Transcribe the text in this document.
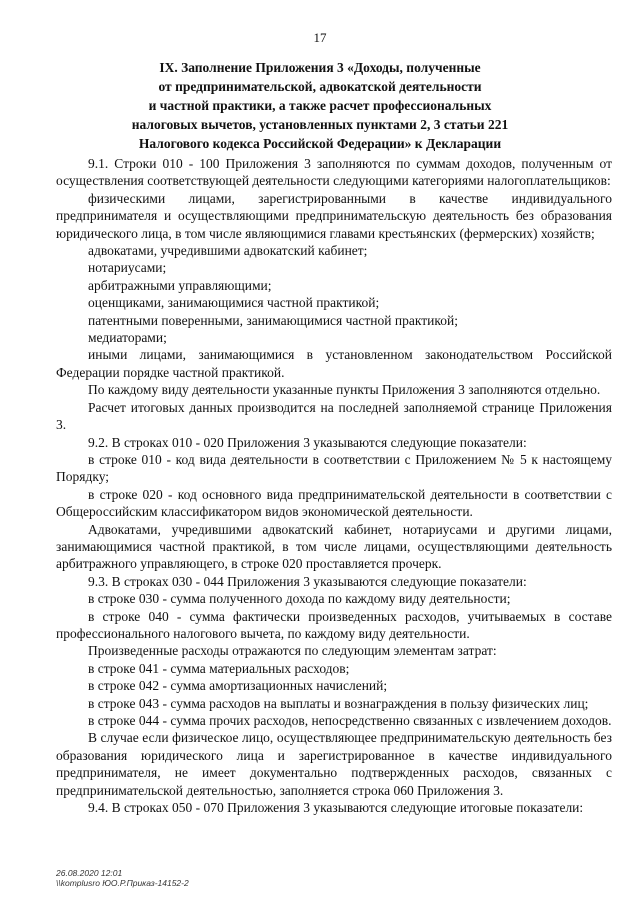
17
IX. Заполнение Приложения 3 «Доходы, полученные
от предпринимательской, адвокатской деятельности
и частной практики, а также расчет профессиональных
налоговых вычетов, установленных пунктами 2, 3 статьи 221
Налогового кодекса Российской Федерации» к Декларации

9.1. Строки 010 - 100 Приложения 3 заполняются по суммам доходов, полученным от осуществления соответствующей деятельности следующими категориями налогоплательщиков:

физическими лицами, зарегистрированными в качестве индивидуального предпринимателя и осуществляющими предпринимательскую деятельность без образования юридического лица, в том числе являющимися главами крестьянских (фермерских) хозяйств;

адвокатами, учредившими адвокатский кабинет;

нотариусами;

арбитражными управляющими;

оценщиками, занимающимися частной практикой;

патентными поверенными, занимающимися частной практикой;

медиаторами;

иными лицами, занимающимися в установленном законодательством Российской Федерации порядке частной практикой.

По каждому виду деятельности указанные пункты Приложения 3 заполняются отдельно.

Расчет итоговых данных производится на последней заполняемой странице Приложения 3.

9.2. В строках 010 - 020 Приложения 3 указываются следующие показатели:

в строке 010 - код вида деятельности в соответствии с Приложением № 5 к настоящему Порядку;

в строке 020 - код основного вида предпринимательской деятельности в соответствии с Общероссийским классификатором видов экономической деятельности.

Адвокатами, учредившими адвокатский кабинет, нотариусами и другими лицами, занимающимися частной практикой, в том числе лицами, осуществляющими деятельность арбитражного управляющего, в строке 020 проставляется прочерк.

9.3. В строках 030 - 044 Приложения 3 указываются следующие показатели:

в строке 030 - сумма полученного дохода по каждому виду деятельности;

в строке 040 - сумма фактически произведенных расходов, учитываемых в составе профессионального налогового вычета, по каждому виду деятельности.

Произведенные расходы отражаются по следующим элементам затрат:

в строке 041 - сумма материальных расходов;

в строке 042 - сумма амортизационных начислений;

в строке 043 - сумма расходов на выплаты и вознаграждения в пользу физических лиц;

в строке 044 - сумма прочих расходов, непосредственно связанных с извлечением доходов.

В случае если физическое лицо, осуществляющее предпринимательскую деятельность без образования юридического лица и зарегистрированное в качестве индивидуального предпринимателя, не имеет документально подтвержденных расходов, связанных с предпринимательской деятельностью, заполняется строка 060 Приложения 3.

9.4. В строках 050 - 070 Приложения 3 указываются следующие итоговые показатели:

26.08.2020 12:01
\\komplusro ЮО.Р.Приказ-14152-2
